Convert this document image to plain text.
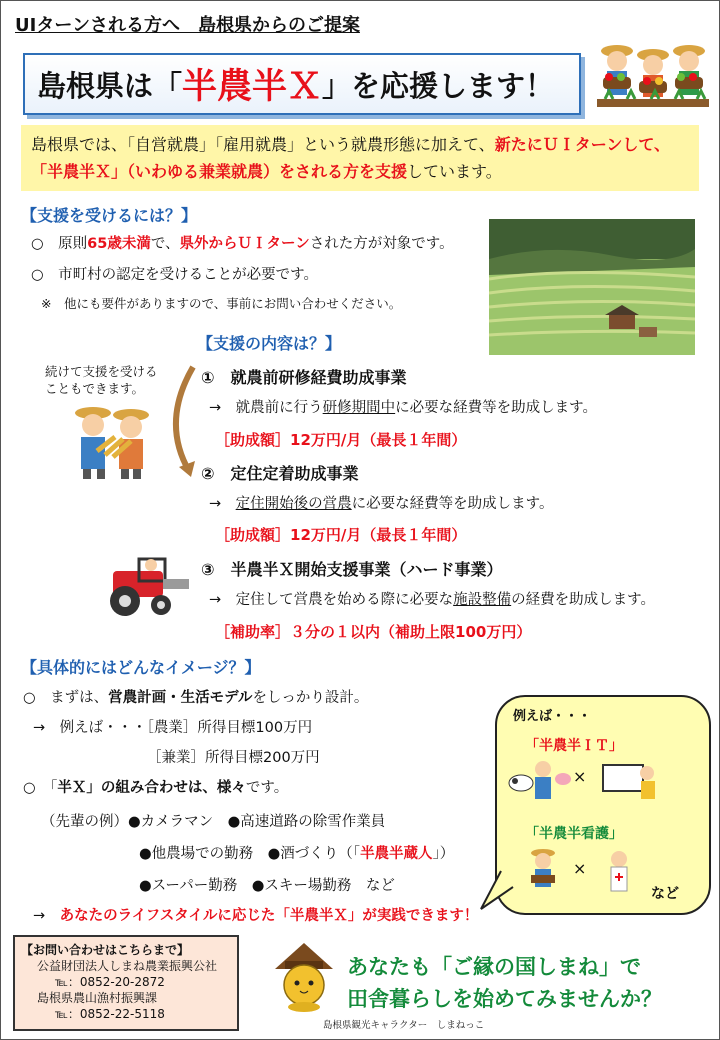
UIターンされる方へ　島根県からのご提案
島根県は「 半農半Ｘ 」を応援します！
島根県では、「自営就農」「雇用就農」という就農形態に加えて、新たにＵＩターンして、「半農半Ｘ」（いわゆる兼業就農）をされる方を支援しています。
【支援を受けるには？】
○　原則65歳未満で、県外からＵＩターンされた方が対象です。
○　市町村の認定を受けることが必要です。
※　他にも要件がありますので、事前にお問い合わせください。
【支援の内容は？】
続けて支援を受けることもできます。
①　就農前研修経費助成事業
→　就農前に行う研修期間中に必要な経費等を助成します。
［助成額］12万円/月（最長１年間）
②　定住定着助成事業
→　定住開始後の営農に必要な経費等を助成します。
［助成額］12万円/月（最長１年間）
③　半農半Ｘ開始支援事業（ハード事業）
→　定住して営農を始める際に必要な施設整備の経費を助成します。
［補助率］３分の１以内（補助上限100万円）
【具体的にはどんなイメージ？】
○　まずは、営農計画・生活モデルをしっかり設計。
→　例えば・・・［農業］所得目標100万円
［兼業］所得目標200万円
○　「半Ｘ」の組み合わせは、様々です。
（先輩の例）●カメラマン　●高速道路の除雪作業員
●他農場での勤務　●酒づくり（「半農半蔵人」）
●スーパー勤務　●スキー場勤務　など
→　あなたのライフスタイルに応じた「半農半Ｘ」が実践できます！
例えば・・・
「半農半ＩＴ」
×
「半農半看護」
×
など
【お問い合わせはこちらまで】
公益財団法人しまね農業振興公社
℡：0852-20-2872
島根県農山漁村振興課
℡：0852-22-5118
あなたも「ご縁の国しまね」で
田舎暮らしを始めてみませんか？
島根県観光キャラクター　しまねっこ
